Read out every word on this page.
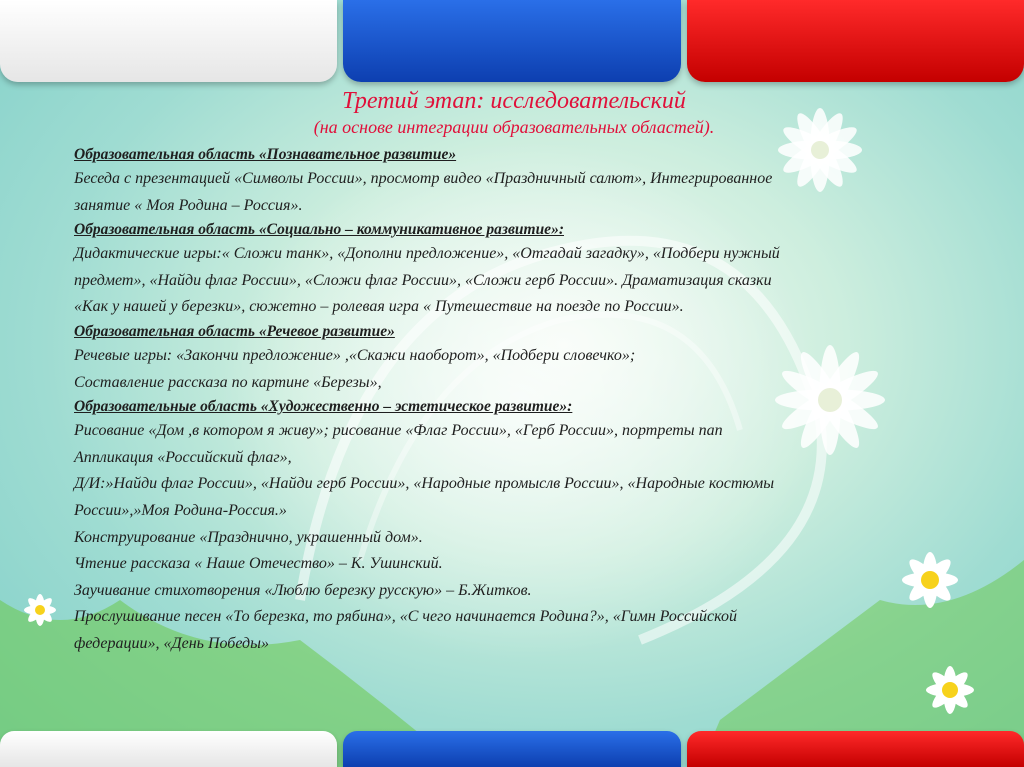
Третий этап: исследовательский

(на основе интеграции образовательных областей).

Образовательная область «Познавательное развитие»

Беседа с презентацией «Символы России», просмотр видео «Праздничный салют», Интегрированное

занятие « Моя Родина – Россия».

Образовательная область «Социально – коммуникативное развитие»:

Дидактические игры:« Сложи танк», «Дополни предложение», «Отгадай загадку», «Подбери нужный

предмет», «Найди флаг России», «Сложи флаг России», «Сложи герб России». Драматизация сказки

«Как у нашей у березки», сюжетно – ролевая игра « Путешествие на поезде по России».

Образовательная область «Речевое развитие»

Речевые игры: «Закончи предложение» ,«Скажи наоборот», «Подбери словечко»;

Составление рассказа по картине «Березы»,

Образовательные область «Художественно – эстетическое развитие»:

Рисование «Дом ,в котором я живу»; рисование «Флаг России», «Герб России», портреты пап

Аппликация «Российский флаг»,

Д/И:»Найди флаг России», «Найди герб России», «Народные промыслв России», «Народные костюмы

России»,»Моя Родина-Россия.»

Конструирование «Празднично, украшенный дом».

Чтение рассказа « Наше Отечество» – К. Ушинский.

Заучивание стихотворения «Люблю березку русскую» – Б.Житков.

Прослушивание песен «То березка, то рябина», «С чего начинается Родина?», «Гимн Российской

федерации», «День Победы»
